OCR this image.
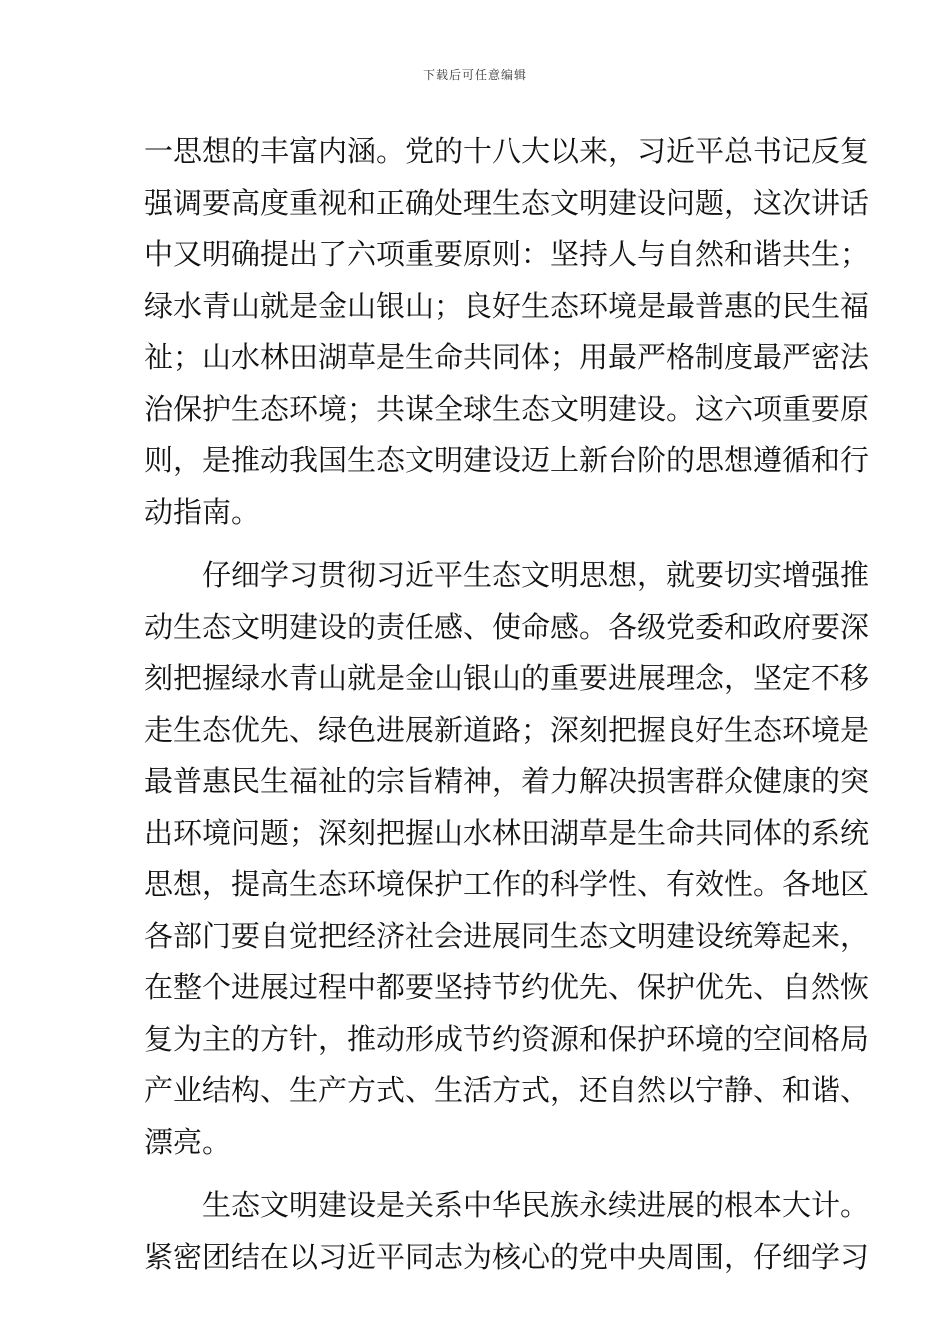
下载后可任意编辑
一思想的丰富内涵。党的十八大以来，习近平总书记反复
强调要高度重视和正确处理生态文明建设问题，这次讲话
中又明确提出了六项重要原则：坚持人与自然和谐共生；
绿水青山就是金山银山；良好生态环境是最普惠的民生福
祉；山水林田湖草是生命共同体；用最严格制度最严密法
治保护生态环境；共谋全球生态文明建设。这六项重要原
则，是推动我国生态文明建设迈上新台阶的思想遵循和行
动指南。
仔细学习贯彻习近平生态文明思想，就要切实增强推
动生态文明建设的责任感、使命感。各级党委和政府要深
刻把握绿水青山就是金山银山的重要进展理念，坚定不移
走生态优先、绿色进展新道路；深刻把握良好生态环境是
最普惠民生福祉的宗旨精神，着力解决损害群众健康的突
出环境问题；深刻把握山水林田湖草是生命共同体的系统
思想，提高生态环境保护工作的科学性、有效性。各地区
各部门要自觉把经济社会进展同生态文明建设统筹起来，
在整个进展过程中都要坚持节约优先、保护优先、自然恢
复为主的方针，推动形成节约资源和保护环境的空间格局
产业结构、生产方式、生活方式，还自然以宁静、和谐、
漂亮。
生态文明建设是关系中华民族永续进展的根本大计。
紧密团结在以习近平同志为核心的党中央周围，仔细学习
